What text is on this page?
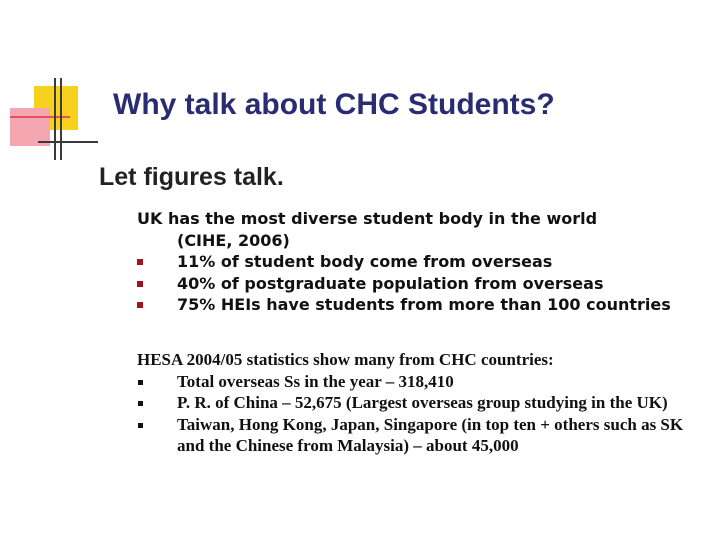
Why talk about CHC Students?
Let figures talk.

UK has the most diverse student body in the world

(CIHE, 2006)

11% of student body come from overseas
40% of postgraduate population from overseas
75% HEIs have students from more than 100 countries

HESA 2004/05 statistics show many from CHC countries:

Total overseas Ss in the year – 318,410
P. R. of China – 52,675 (Largest overseas group studying in the UK)
Taiwan, Hong Kong, Japan, Singapore (in top ten + others such as SK and the Chinese from Malaysia) – about 45,000
